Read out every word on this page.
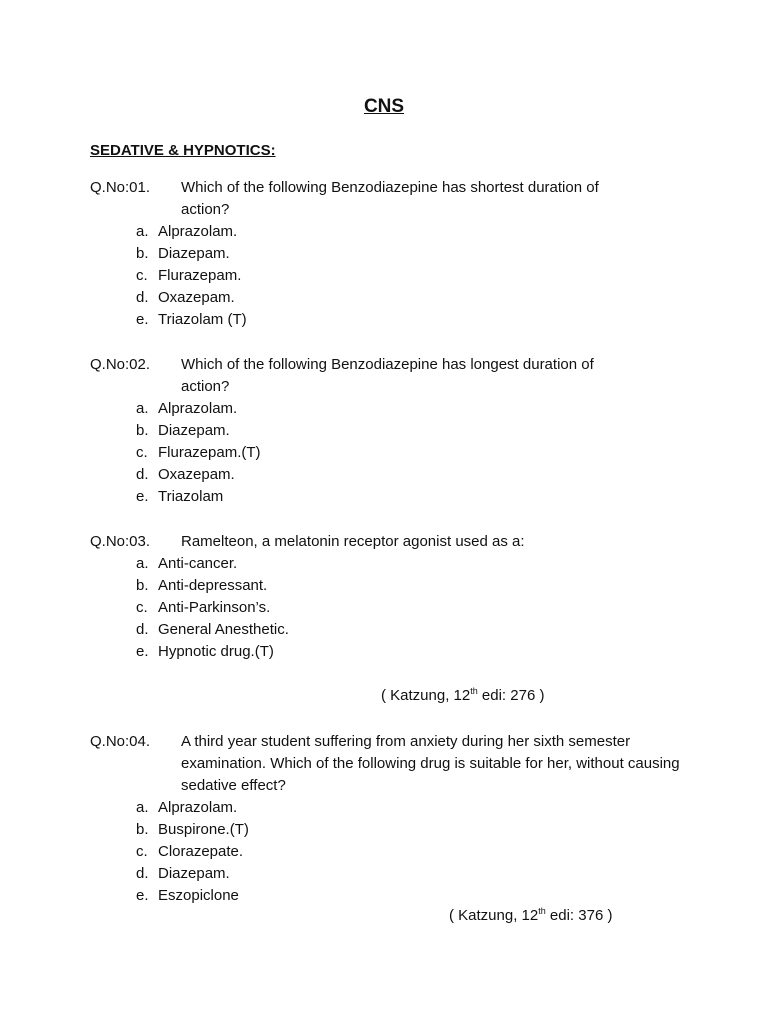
CNS
SEDATIVE & HYPNOTICS:
Q.No:01.	Which of the following Benzodiazepine has shortest duration of action?
a. Alprazolam.
b. Diazepam.
c. Flurazepam.
d. Oxazepam.
e. Triazolam (T)
Q.No:02.	Which of the following Benzodiazepine has longest duration of action?
a. Alprazolam.
b. Diazepam.
c. Flurazepam.(T)
d. Oxazepam.
e. Triazolam
Q.No:03.	Ramelteon, a melatonin receptor agonist used as a:
a. Anti-cancer.
b. Anti-depressant.
c. Anti-Parkinson’s.
d. General Anesthetic.
e. Hypnotic drug.(T)
( Katzung, 12th edi: 276 )
Q.No:04.	A third year student suffering from anxiety during her sixth semester examination. Which of the following drug is suitable for her, without causing sedative effect?
a. Alprazolam.
b. Buspirone.(T)
c. Clorazepate.
d. Diazepam.
e. Eszopiclone
( Katzung, 12th edi: 376 )
